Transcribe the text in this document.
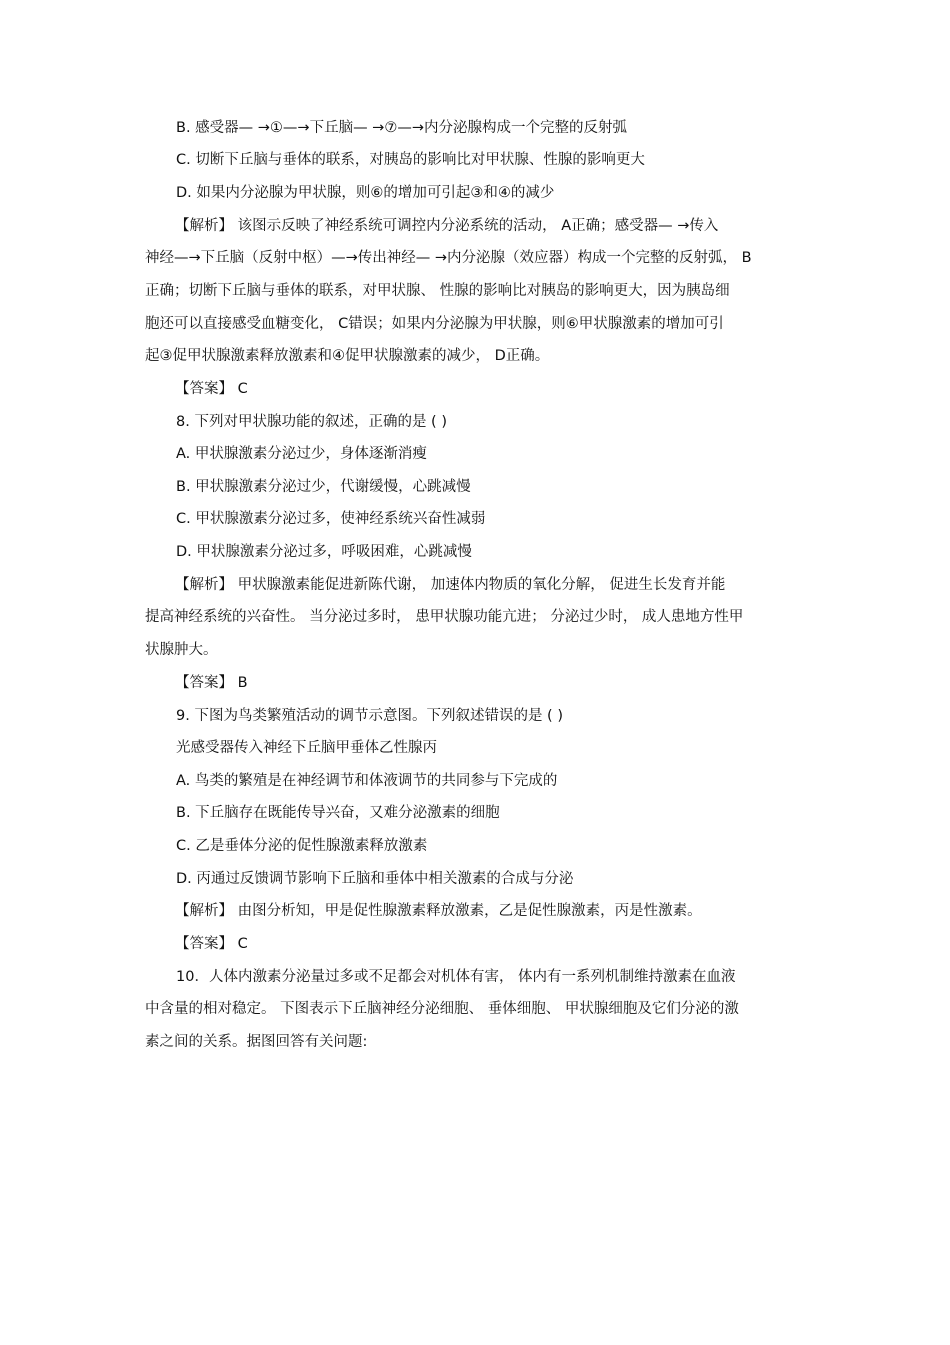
B. 感受器— →①—→下丘脑— →⑦—→内分泌腺构成一个完整的反射弧
C. 切断下丘脑与垂体的联系，对胰岛的影响比对甲状腺、性腺的影响更大
D. 如果内分泌腺为甲状腺，则⑥的增加可引起③和④的减少
【解析】 该图示反映了神经系统可调控内分泌系统的活动， A正确；感受器— →传入
神经—→下丘脑（反射中枢）—→传出神经— →内分泌腺（效应器）构成一个完整的反射弧， B
正确；切断下丘脑与垂体的联系，对甲状腺、 性腺的影响比对胰岛的影响更大，因为胰岛细
胞还可以直接感受血糖变化， C错误；如果内分泌腺为甲状腺，则⑥甲状腺激素的增加可引
起③促甲状腺激素释放激素和④促甲状腺激素的减少， D正确。
【答案】 C
8. 下列对甲状腺功能的叙述，正确的是 ( )
A. 甲状腺激素分泌过少，身体逐渐消瘦
B. 甲状腺激素分泌过少，代谢缓慢，心跳减慢
C. 甲状腺激素分泌过多，使神经系统兴奋性减弱
D. 甲状腺激素分泌过多，呼吸困难，心跳减慢
【解析】 甲状腺激素能促进新陈代谢， 加速体内物质的氧化分解， 促进生长发育并能
提高神经系统的兴奋性。 当分泌过多时， 患甲状腺功能亢进； 分泌过少时， 成人患地方性甲
状腺肿大。
【答案】 B
9. 下图为鸟类繁殖活动的调节示意图。下列叙述错误的是 ( )
光感受器传入神经下丘脑甲垂体乙性腺丙
A. 鸟类的繁殖是在神经调节和体液调节的共同参与下完成的
B. 下丘脑存在既能传导兴奋，又难分泌激素的细胞
C. 乙是垂体分泌的促性腺激素释放激素
D. 丙通过反馈调节影响下丘脑和垂体中相关激素的合成与分泌
【解析】 由图分析知，甲是促性腺激素释放激素，乙是促性腺激素，丙是性激素。
【答案】 C
10．人体内激素分泌量过多或不足都会对机体有害， 体内有一系列机制维持激素在血液
中含量的相对稳定。 下图表示下丘脑神经分泌细胞、 垂体细胞、 甲状腺细胞及它们分泌的激
素之间的关系。据图回答有关问题:
